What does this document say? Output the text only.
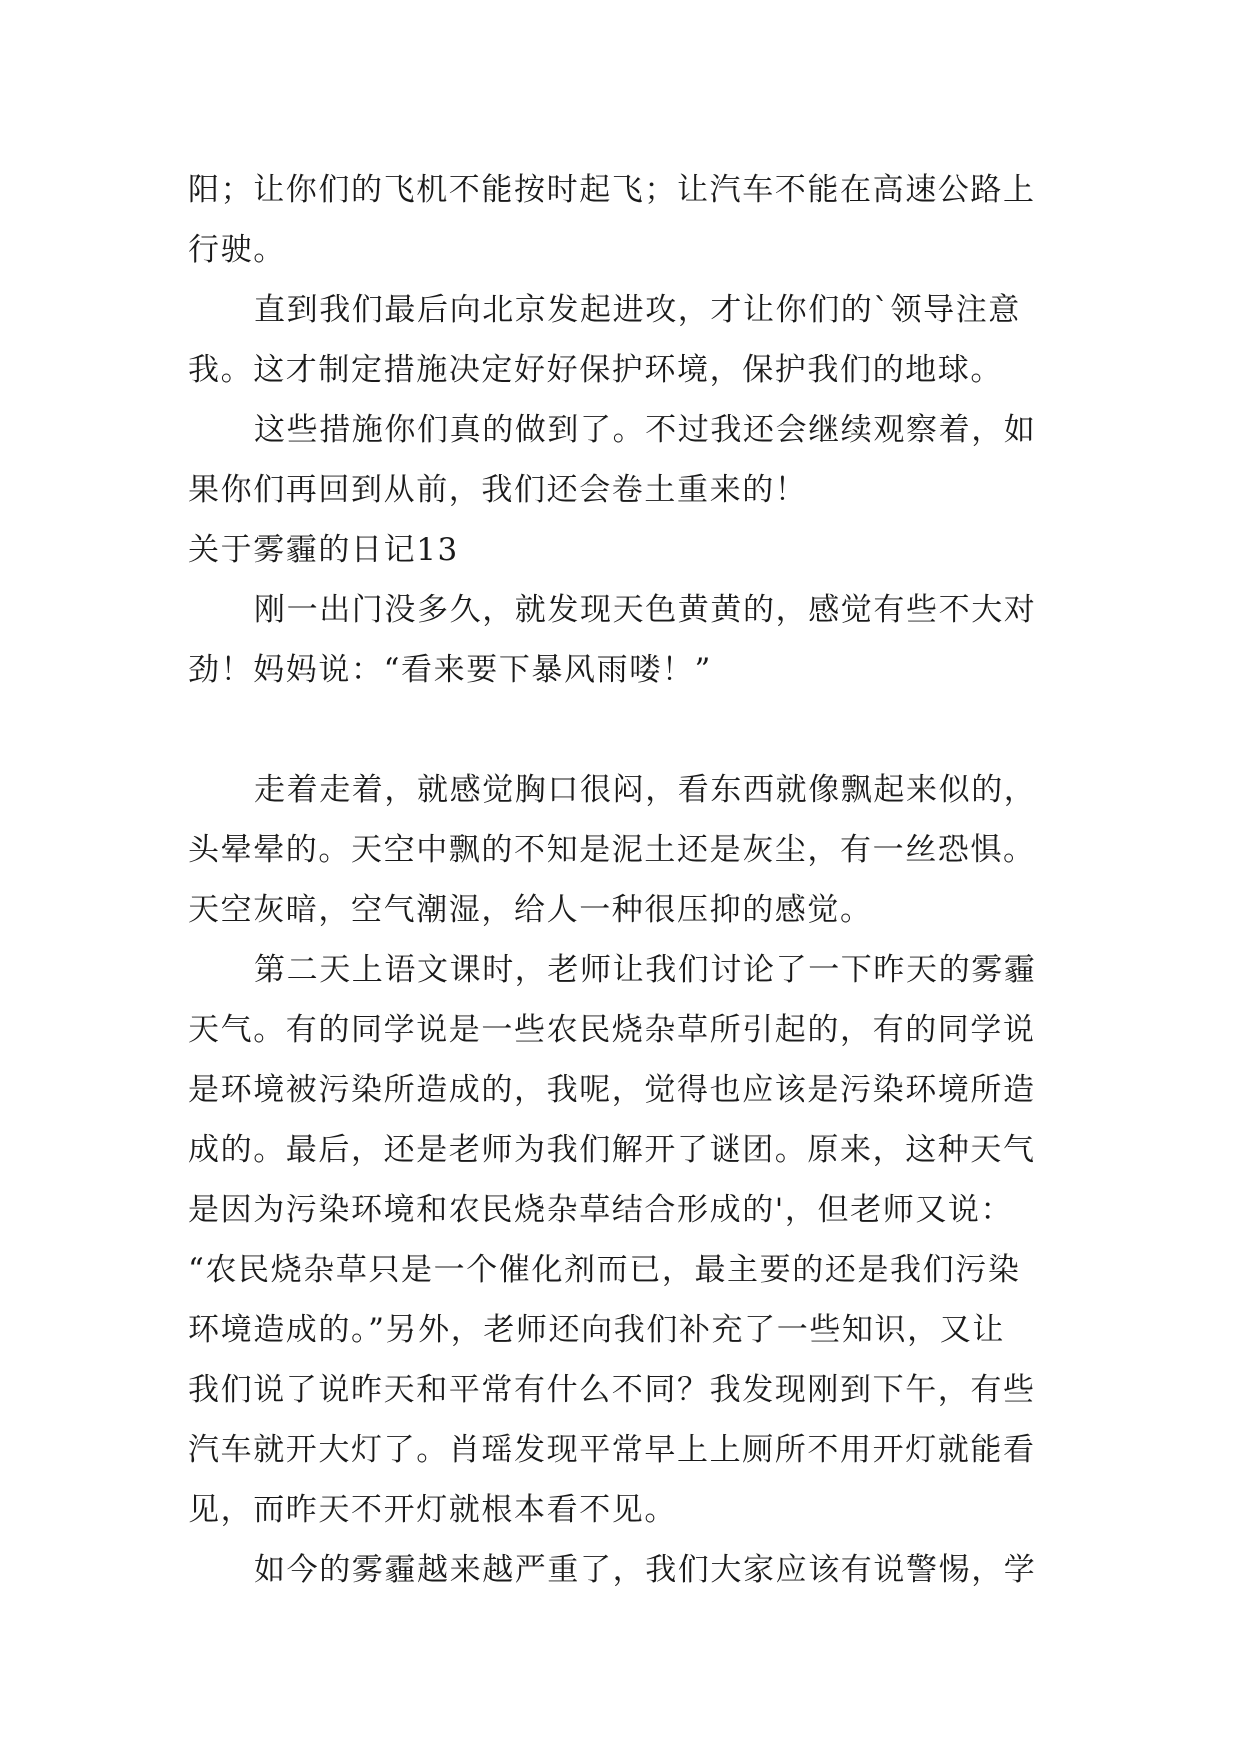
阳；让你们的飞机不能按时起飞；让汽车不能在高速公路上
行驶。

直到我们最后向北京发起进攻，才让你们的`领导注意
我。这才制定措施决定好好保护环境，保护我们的地球。

这些措施你们真的做到了。不过我还会继续观察着，如
果你们再回到从前，我们还会卷土重来的！

关于雾霾的日记13

刚一出门没多久，就发现天色黄黄的，感觉有些不大对
劲！妈妈说：“看来要下暴风雨喽！”

走着走着，就感觉胸口很闷，看东西就像飘起来似的，
头晕晕的。天空中飘的不知是泥土还是灰尘，有一丝恐惧。
天空灰暗，空气潮湿，给人一种很压抑的感觉。

第二天上语文课时，老师让我们讨论了一下昨天的雾霾
天气。有的同学说是一些农民烧杂草所引起的，有的同学说
是环境被污染所造成的，我呢，觉得也应该是污染环境所造
成的。最后，还是老师为我们解开了谜团。原来，这种天气
是因为污染环境和农民烧杂草结合形成的'，但老师又说：
“农民烧杂草只是一个催化剂而已，最主要的还是我们污染
环境造成的。”另外，老师还向我们补充了一些知识，又让
我们说了说昨天和平常有什么不同？我发现刚到下午，有些
汽车就开大灯了。肖瑶发现平常早上上厕所不用开灯就能看
见，而昨天不开灯就根本看不见。

如今的雾霾越来越严重了，我们大家应该有说警惕，学
